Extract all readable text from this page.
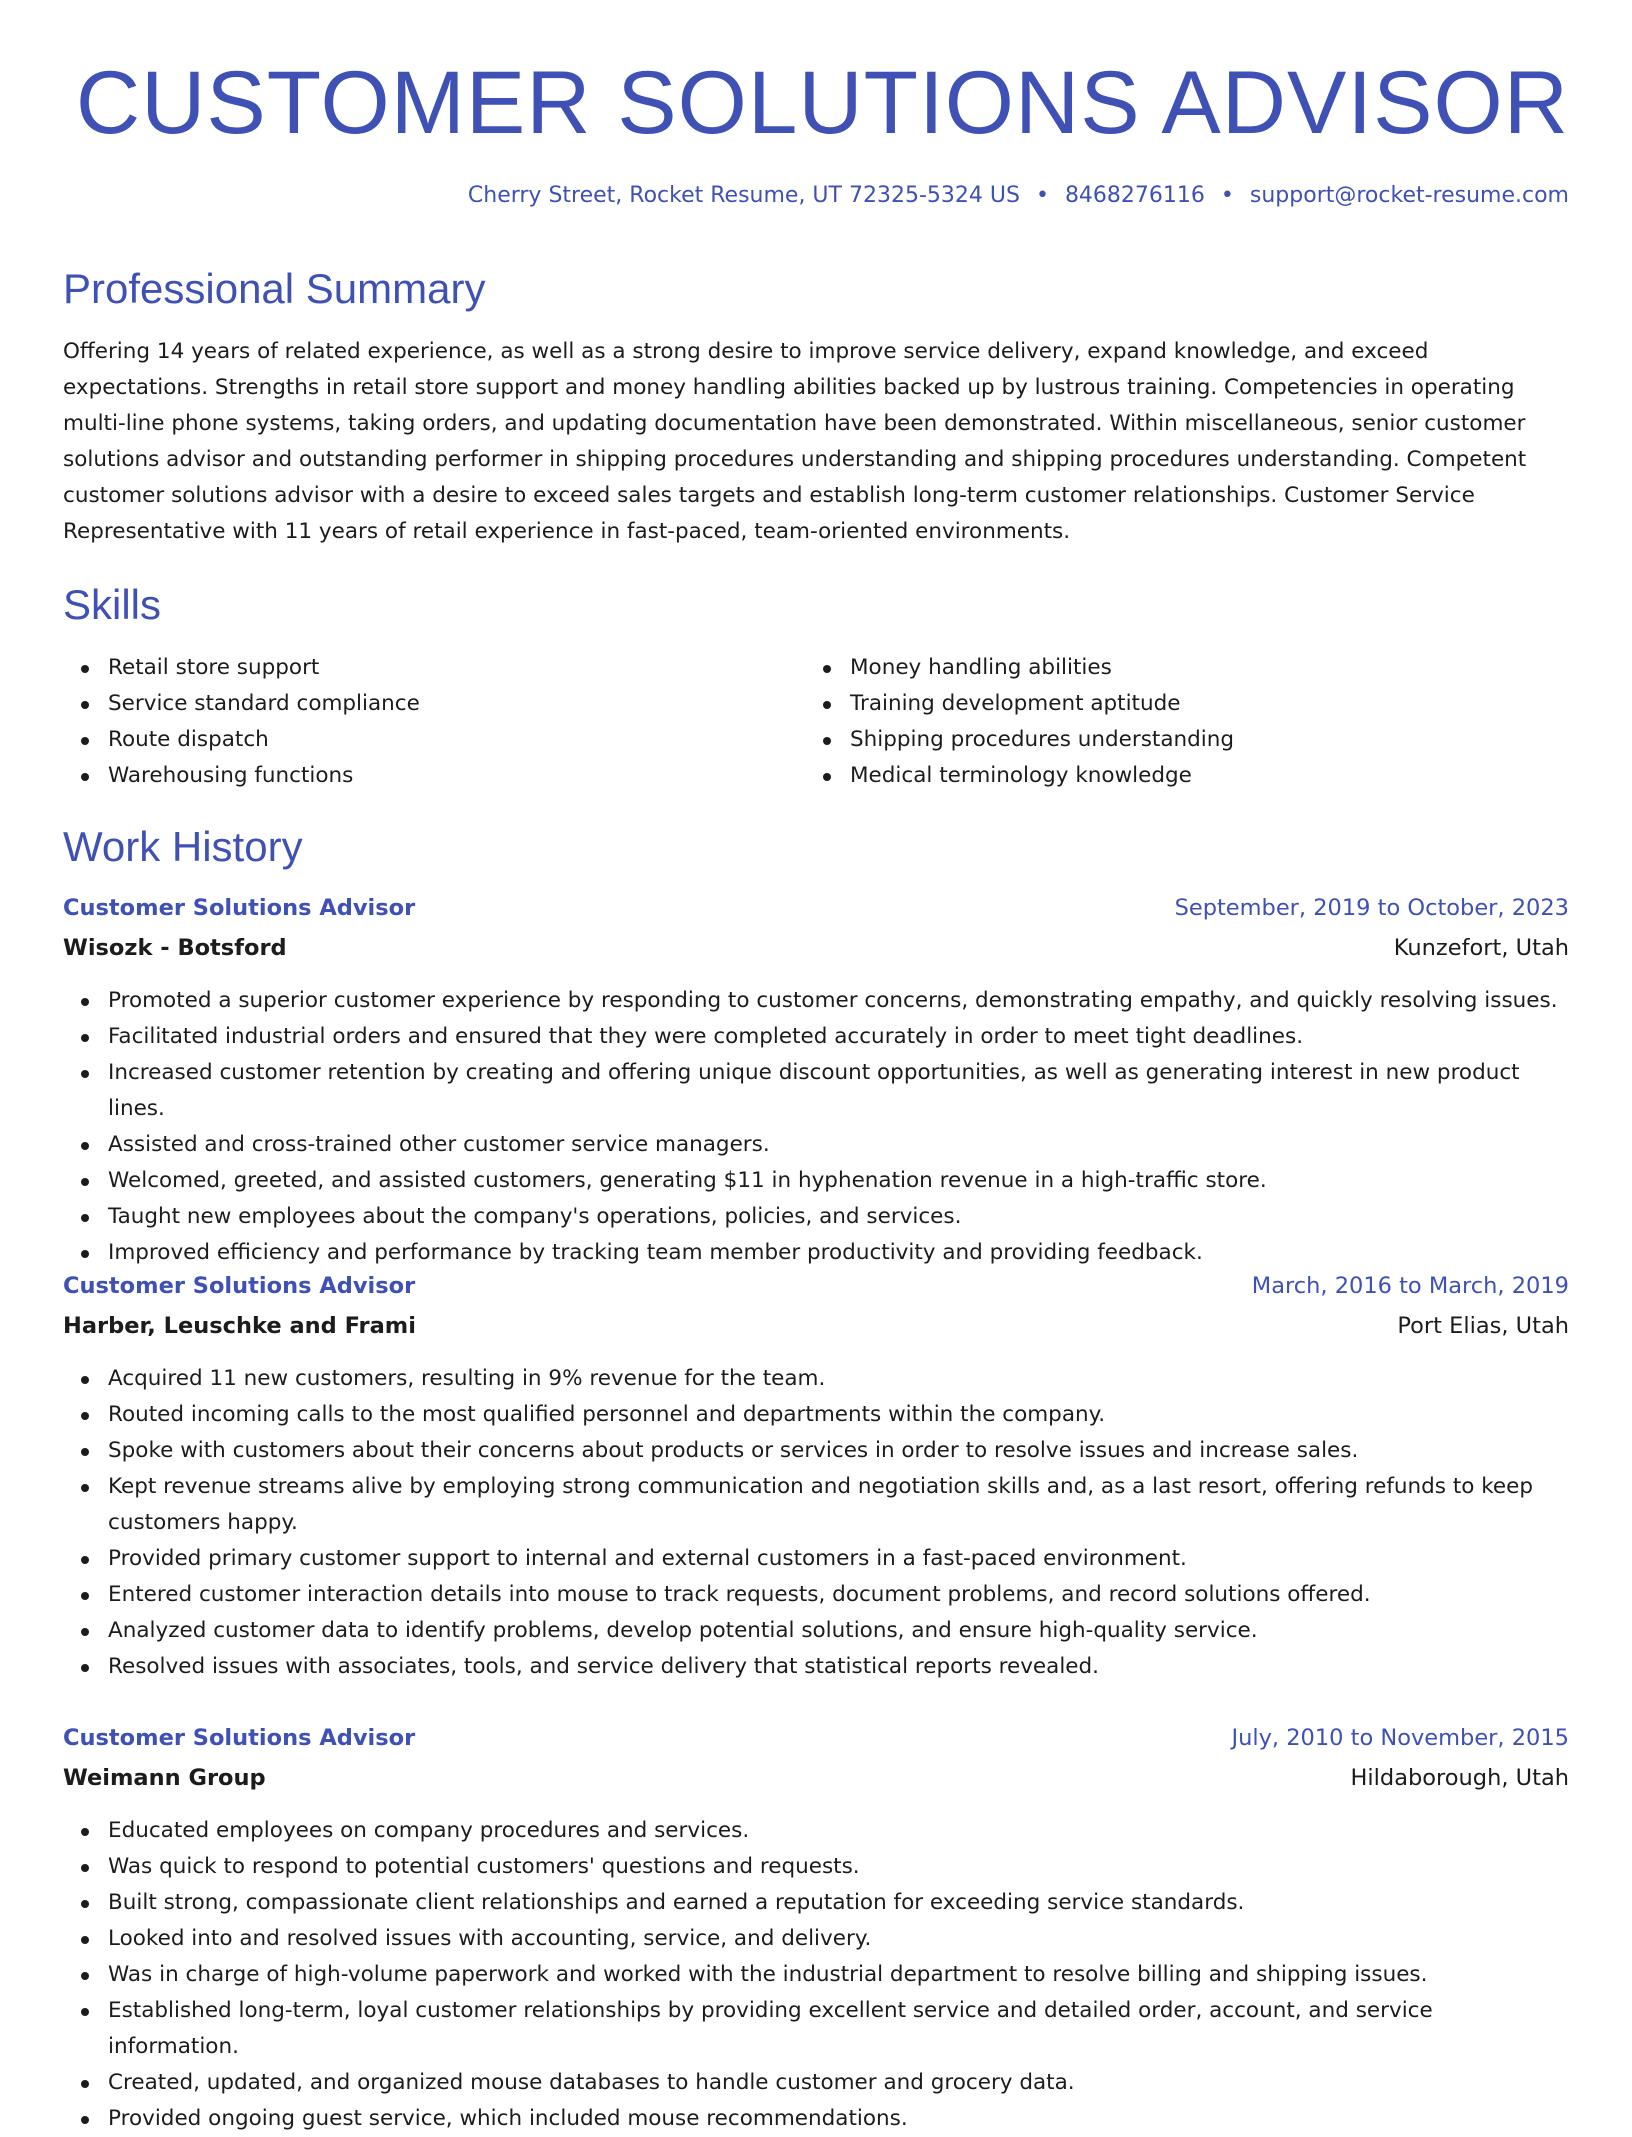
CUSTOMER SOLUTIONS ADVISOR
Cherry Street, Rocket Resume, UT 72325-5324 US • 8468276116 • support@rocket-resume.com
Professional Summary

Offering 14 years of related experience, as well as a strong desire to improve service delivery, expand knowledge, and exceed expectations. Strengths in retail store support and money handling abilities backed up by lustrous training. Competencies in operating multi-line phone systems, taking orders, and updating documentation have been demonstrated. Within miscellaneous, senior customer solutions advisor and outstanding performer in shipping procedures understanding and shipping procedures understanding. Competent customer solutions advisor with a desire to exceed sales targets and establish long-term customer relationships. Customer Service Representative with 11 years of retail experience in fast-paced, team-oriented environments.

Skills
Retail store support
Service standard compliance
Route dispatch
Warehousing functions
Money handling abilities
Training development aptitude
Shipping procedures understanding
Medical terminology knowledge
Work History
Customer Solutions Advisor	September, 2019 to October, 2023
Wisozk - Botsford	Kunzefort, Utah
Promoted a superior customer experience by responding to customer concerns, demonstrating empathy, and quickly resolving issues.
Facilitated industrial orders and ensured that they were completed accurately in order to meet tight deadlines.
Increased customer retention by creating and offering unique discount opportunities, as well as generating interest in new product lines.
Assisted and cross-trained other customer service managers.
Welcomed, greeted, and assisted customers, generating $11 in hyphenation revenue in a high-traffic store.
Taught new employees about the company's operations, policies, and services.
Improved efficiency and performance by tracking team member productivity and providing feedback.
Customer Solutions Advisor	March, 2016 to March, 2019
Harber, Leuschke and Frami	Port Elias, Utah
Acquired 11 new customers, resulting in 9% revenue for the team.
Routed incoming calls to the most qualified personnel and departments within the company.
Spoke with customers about their concerns about products or services in order to resolve issues and increase sales.
Kept revenue streams alive by employing strong communication and negotiation skills and, as a last resort, offering refunds to keep customers happy.
Provided primary customer support to internal and external customers in a fast-paced environment.
Entered customer interaction details into mouse to track requests, document problems, and record solutions offered.
Analyzed customer data to identify problems, develop potential solutions, and ensure high-quality service.
Resolved issues with associates, tools, and service delivery that statistical reports revealed.
Customer Solutions Advisor	July, 2010 to November, 2015
Weimann Group	Hildaborough, Utah
Educated employees on company procedures and services.
Was quick to respond to potential customers' questions and requests.
Built strong, compassionate client relationships and earned a reputation for exceeding service standards.
Looked into and resolved issues with accounting, service, and delivery.
Was in charge of high-volume paperwork and worked with the industrial department to resolve billing and shipping issues.
Established long-term, loyal customer relationships by providing excellent service and detailed order, account, and service information.
Created, updated, and organized mouse databases to handle customer and grocery data.
Provided ongoing guest service, which included mouse recommendations.
